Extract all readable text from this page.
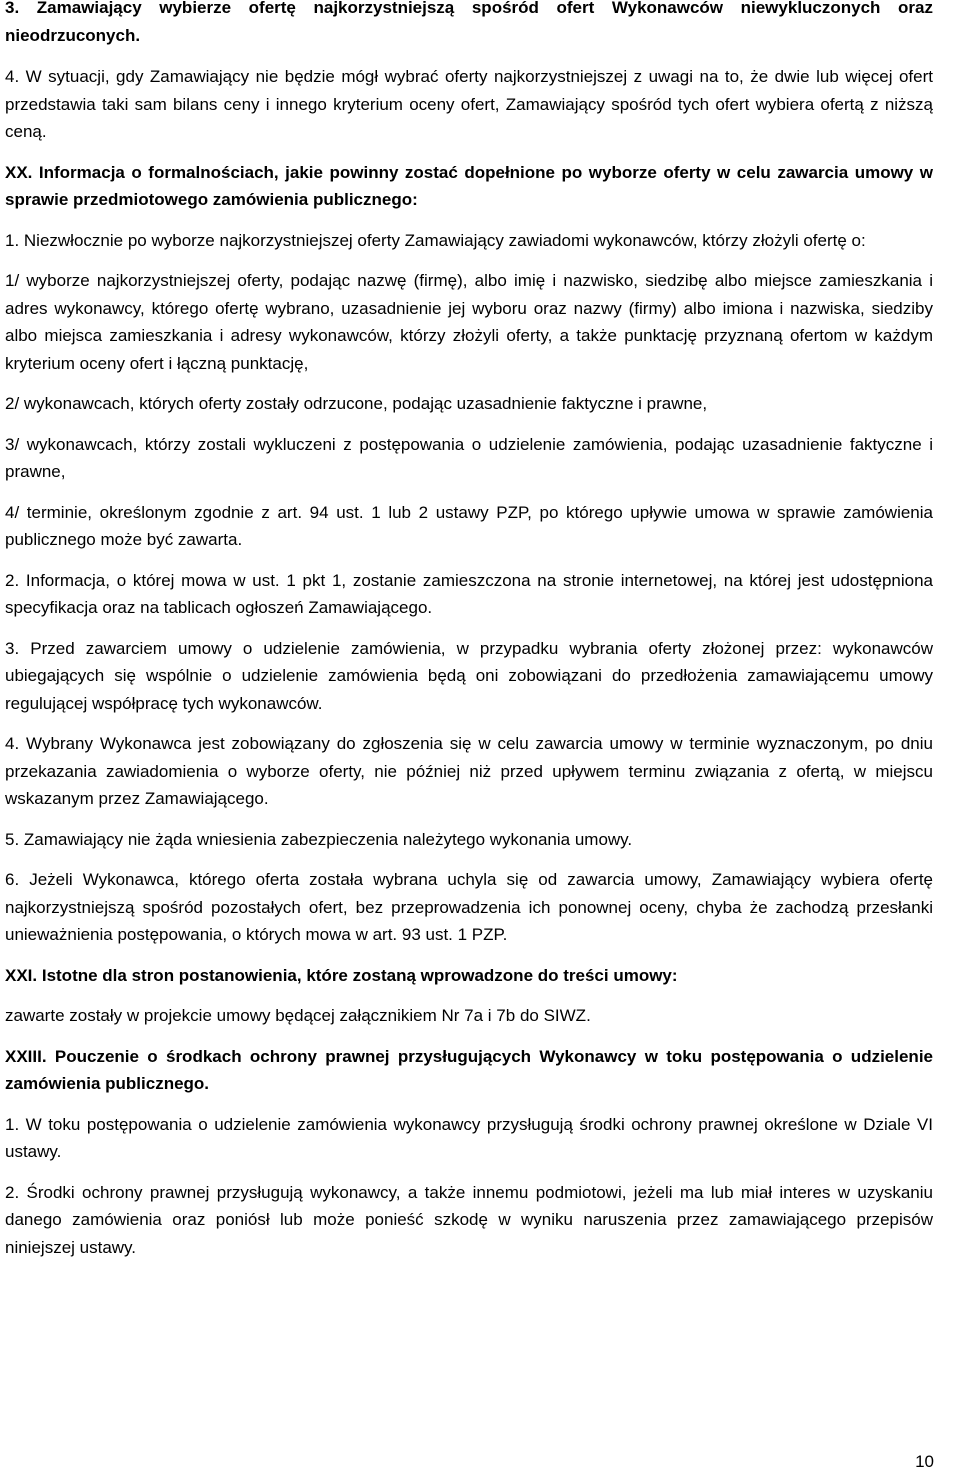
3. Zamawiający wybierze ofertę najkorzystniejszą spośród ofert Wykonawców niewykluczonych oraz nieodrzuconych.

4. W sytuacji, gdy Zamawiający nie będzie mógł wybrać oferty najkorzystniejszej z uwagi na to, że dwie lub więcej ofert przedstawia taki sam bilans ceny i innego kryterium oceny ofert, Zamawiający spośród tych ofert wybiera ofertą z niższą ceną.

XX. Informacja o formalnościach, jakie powinny zostać dopełnione po wyborze oferty w celu zawarcia umowy w sprawie przedmiotowego zamówienia publicznego:

1. Niezwłocznie po wyborze najkorzystniejszej oferty Zamawiający zawiadomi wykonawców, którzy złożyli ofertę o:

1/ wyborze najkorzystniejszej oferty, podając nazwę (firmę), albo imię i nazwisko, siedzibę albo miejsce zamieszkania i adres wykonawcy, którego ofertę wybrano, uzasadnienie jej wyboru oraz nazwy (firmy) albo imiona i nazwiska, siedziby albo miejsca zamieszkania i adresy wykonawców, którzy złożyli oferty, a także punktację przyznaną ofertom w każdym kryterium oceny ofert i łączną punktację,

2/ wykonawcach, których oferty zostały odrzucone, podając uzasadnienie faktyczne i prawne,

3/ wykonawcach, którzy zostali wykluczeni z postępowania o udzielenie zamówienia, podając uzasadnienie faktyczne i prawne,

4/ terminie, określonym zgodnie z art. 94 ust. 1 lub 2 ustawy PZP, po którego upływie umowa w sprawie zamówienia publicznego może być zawarta.

2. Informacja, o której mowa w ust. 1 pkt 1, zostanie zamieszczona na stronie internetowej, na której jest udostępniona specyfikacja oraz na tablicach ogłoszeń Zamawiającego.

3. Przed zawarciem umowy o udzielenie zamówienia, w przypadku wybrania oferty złożonej przez: wykonawców ubiegających się wspólnie o udzielenie zamówienia będą oni zobowiązani do przedłożenia zamawiającemu umowy regulującej współpracę tych wykonawców.

4. Wybrany Wykonawca jest zobowiązany do zgłoszenia się w celu zawarcia umowy w terminie wyznaczonym, po dniu przekazania zawiadomienia o wyborze oferty, nie później niż przed upływem terminu związania z ofertą, w miejscu wskazanym przez Zamawiającego.

5. Zamawiający nie żąda wniesienia zabezpieczenia należytego wykonania umowy.

6. Jeżeli Wykonawca, którego oferta została wybrana uchyla się od zawarcia umowy, Zamawiający wybiera ofertę najkorzystniejszą spośród pozostałych ofert, bez przeprowadzenia ich ponownej oceny, chyba że zachodzą przesłanki unieważnienia postępowania, o których mowa w art. 93 ust. 1 PZP.

XXI. Istotne dla stron postanowienia, które zostaną wprowadzone do treści umowy:

zawarte zostały w projekcie umowy będącej załącznikiem Nr 7a i 7b do SIWZ.

XXIII. Pouczenie o środkach ochrony prawnej przysługujących Wykonawcy w toku postępowania o udzielenie zamówienia publicznego.

1. W toku postępowania o udzielenie zamówienia wykonawcy przysługują środki ochrony prawnej określone w Dziale VI ustawy.

2. Środki ochrony prawnej przysługują wykonawcy, a także innemu podmiotowi, jeżeli ma lub miał interes w uzyskaniu danego zamówienia oraz poniósł lub może ponieść szkodę w wyniku naruszenia przez zamawiającego przepisów niniejszej ustawy.

10
